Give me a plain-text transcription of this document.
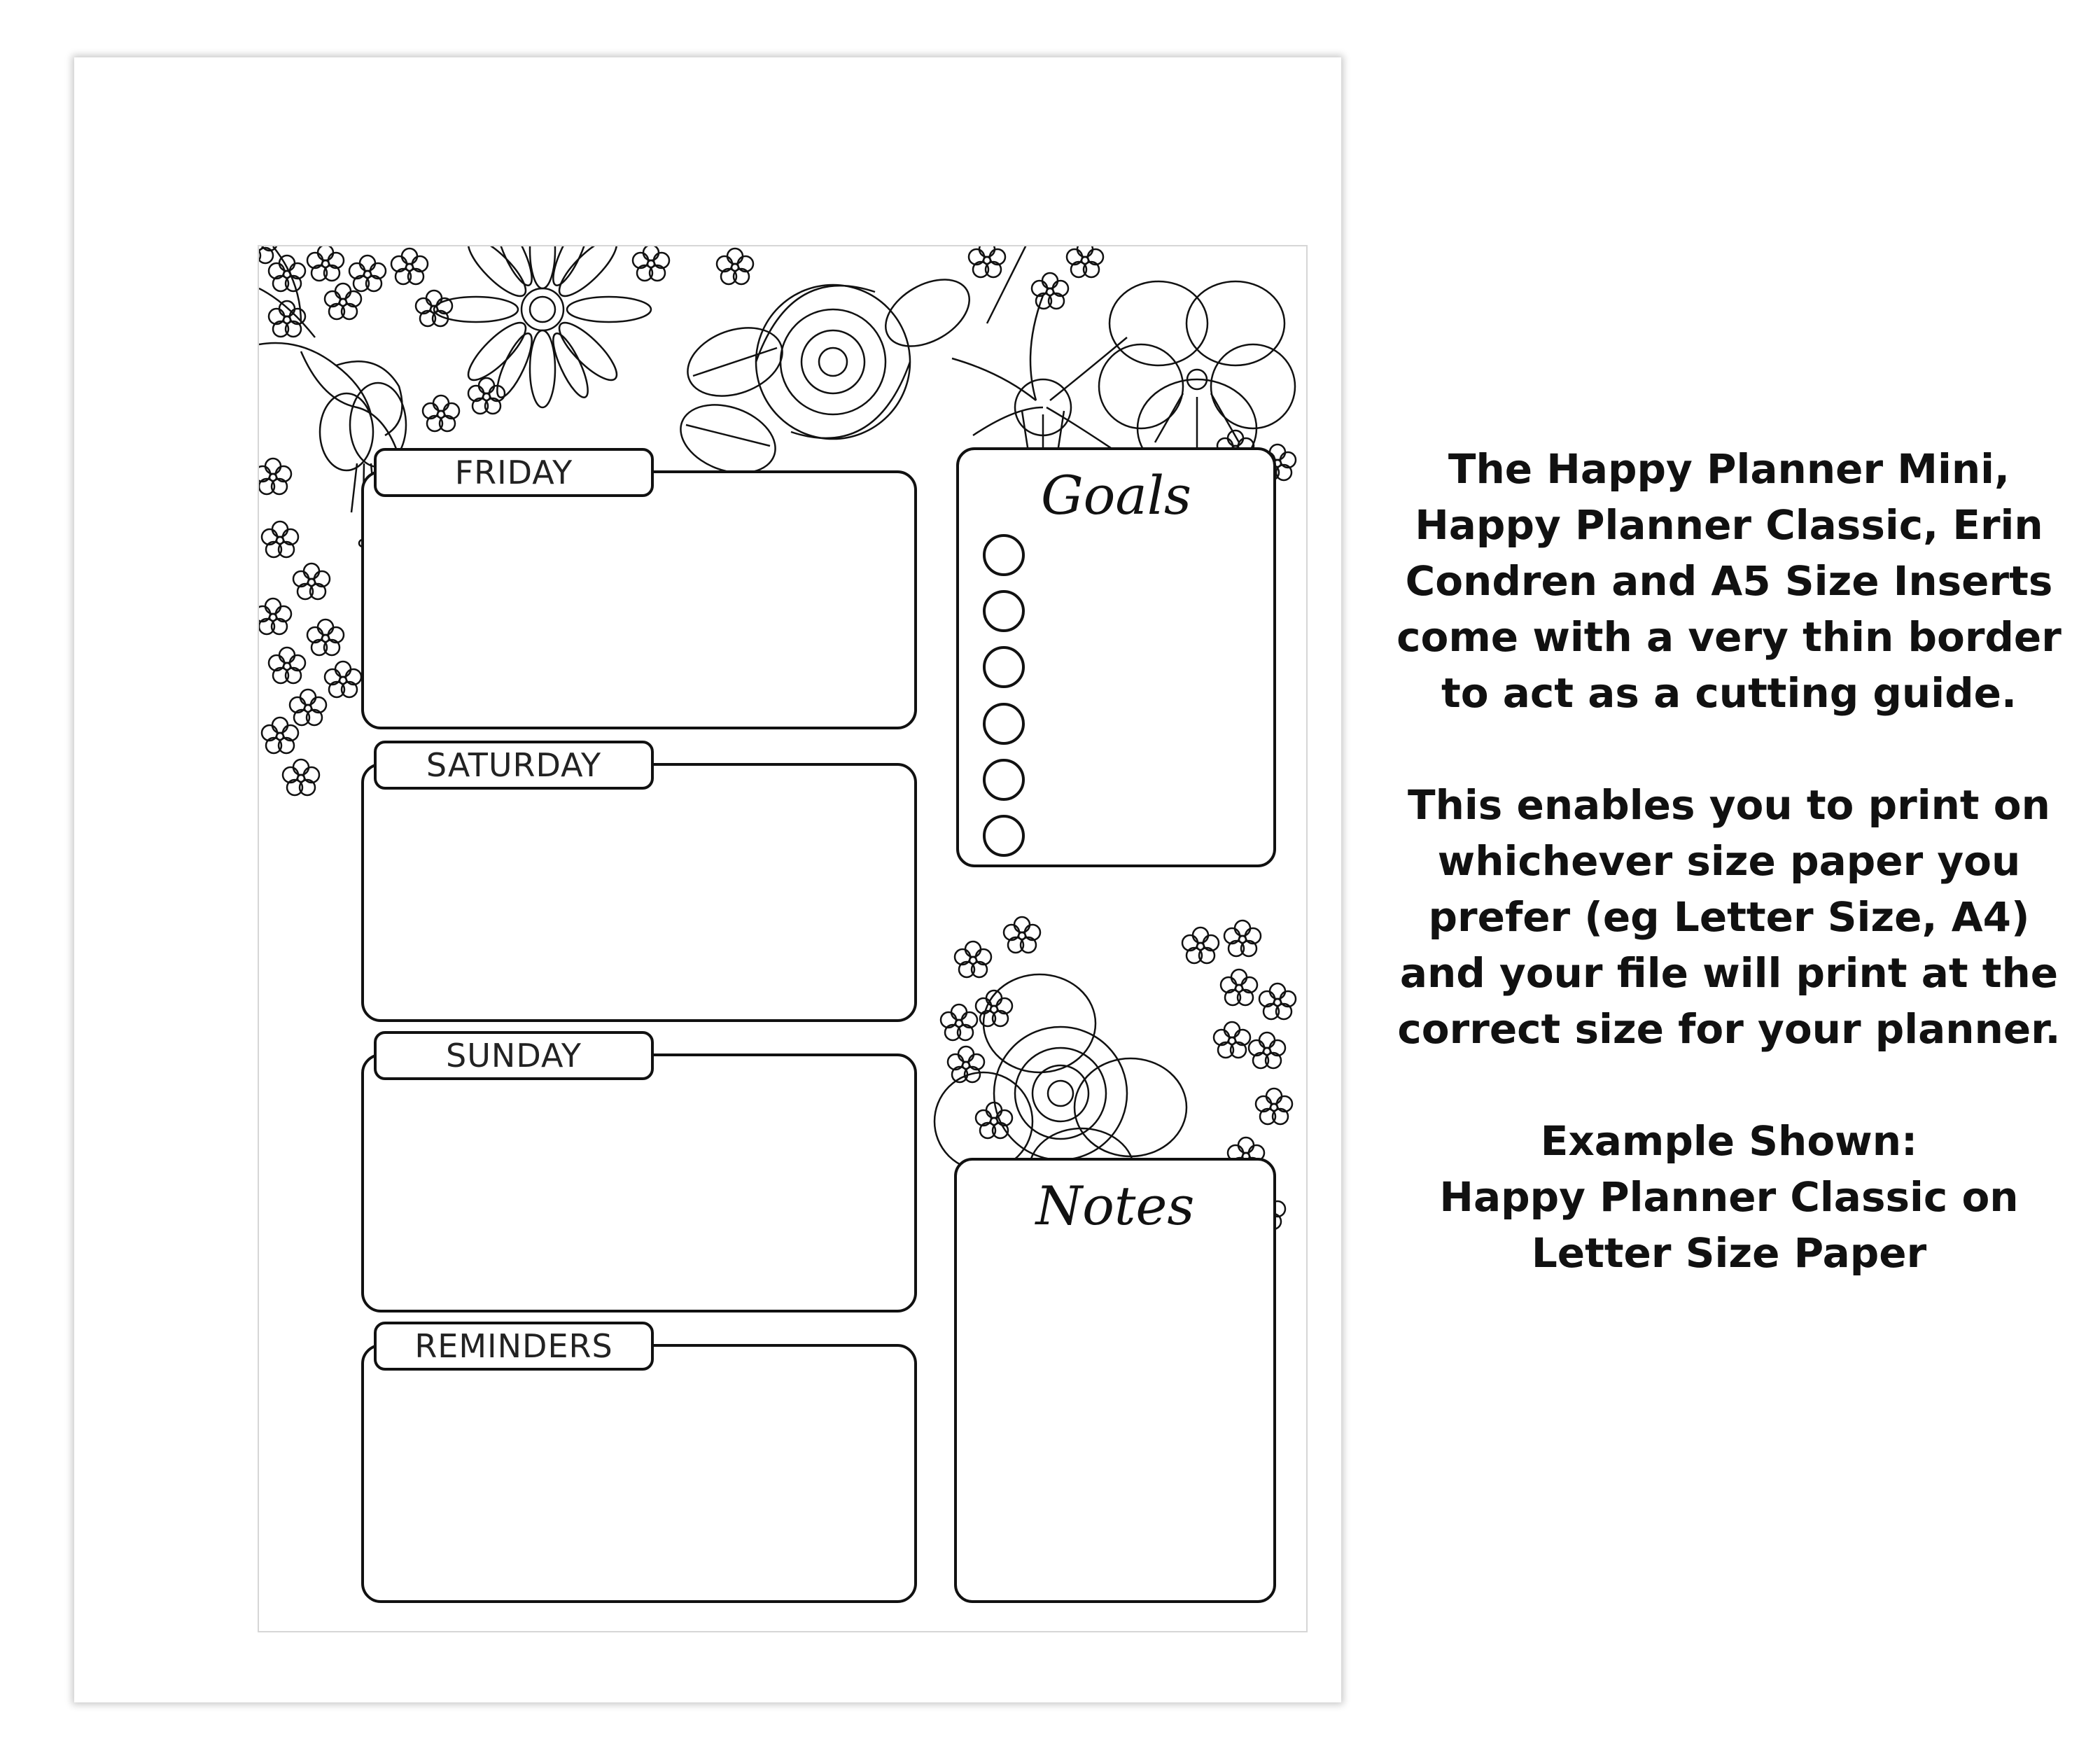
FRIDAY
SATURDAY
SUNDAY
REMINDERS
Goals
Notes

The Happy Planner Mini, Happy Planner Classic, Erin Condren and A5 Size Inserts come with a very thin border to act as a cutting guide.

This enables you to print on whichever size paper you prefer (eg Letter Size, A4) and your file will print at the correct size for your planner.

Example Shown:

Happy Planner Classic on Letter Size Paper
